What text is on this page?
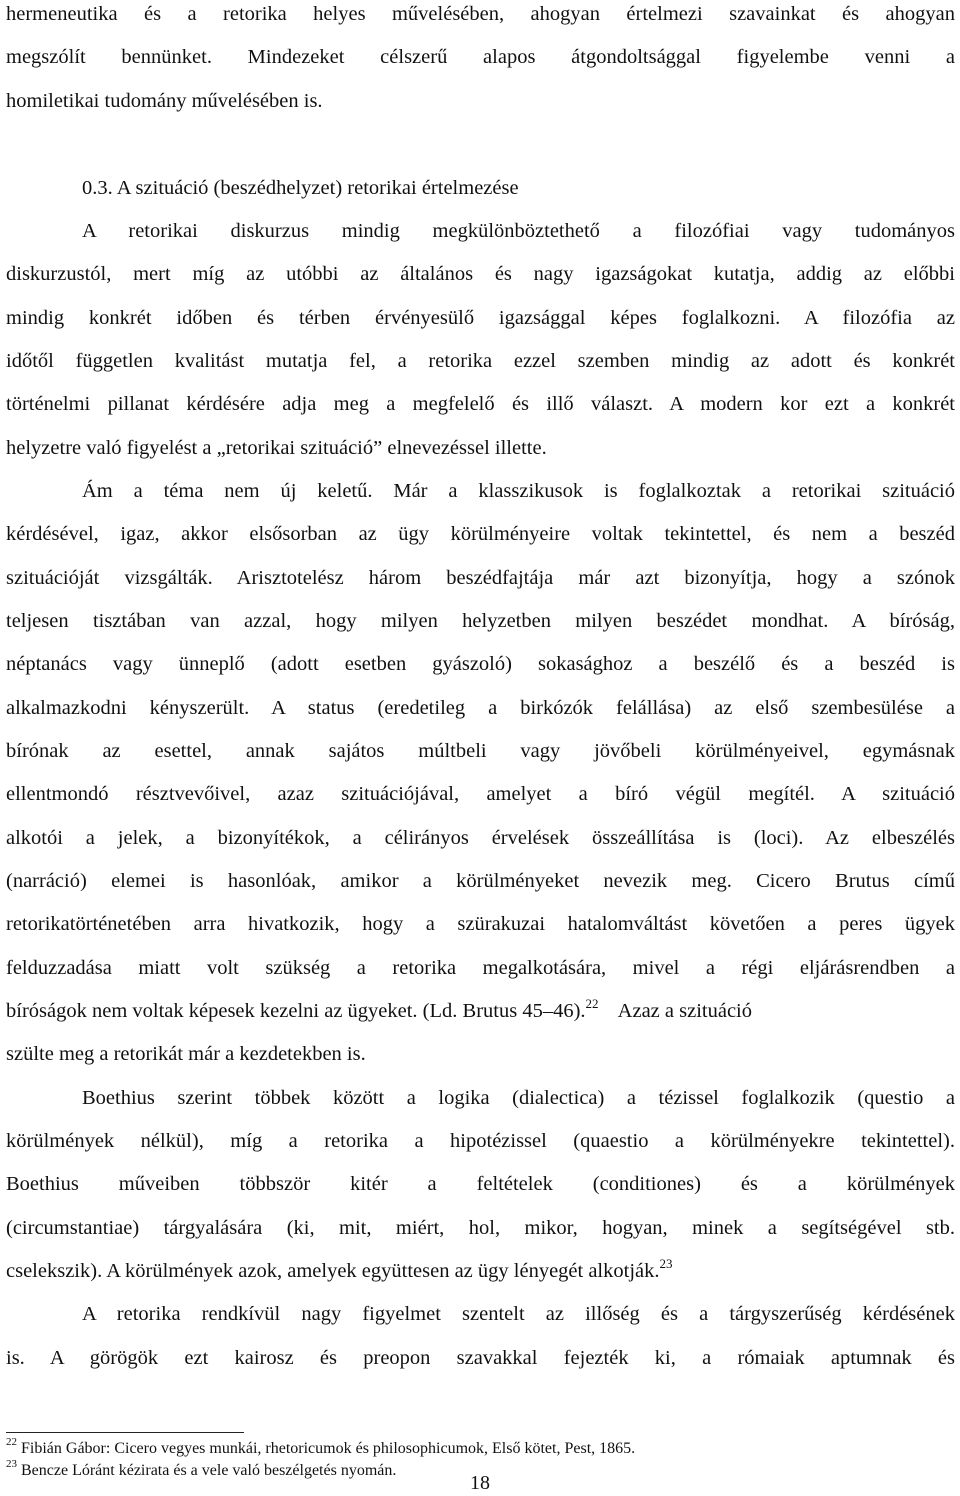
hermeneutika és a retorika helyes művelésében, ahogyan értelmezi szavainkat és ahogyan
megszólít bennünket. Mindezeket célszerű alapos átgondoltsággal figyelembe venni a
homiletikai tudomány művelésében is.
0.3. A szituáció (beszédhelyzet) retorikai értelmezése
A retorikai diskurzus mindig megkülönböztethető a filozófiai vagy tudományos
diskurzustól, mert míg az utóbbi az általános és nagy igazságokat kutatja, addig az előbbi
mindig konkrét időben és térben érvényesülő igazsággal képes foglalkozni. A filozófia az
időtől független kvalitást mutatja fel, a retorika ezzel szemben mindig az adott és konkrét
történelmi pillanat kérdésére adja meg a megfelelő és illő választ. A modern kor ezt a konkrét
helyzetre való figyelést a „retorikai szituáció” elnevezéssel illette.
Ám a téma nem új keletű. Már a klasszikusok is foglalkoztak a retorikai szituáció
kérdésével, igaz, akkor elsősorban az ügy körülményeire voltak tekintettel, és nem a beszéd
szituációját vizsgálták. Arisztotelész három beszédfajtája már azt bizonyítja, hogy a szónok
teljesen tisztában van azzal, hogy milyen helyzetben milyen beszédet mondhat. A bíróság,
néptanács vagy ünneplő (adott esetben gyászoló) sokasághoz a beszélő és a beszéd is
alkalmazkodni kényszerült. A status (eredetileg a birkózók felállása) az első szembesülése a
bírónak az esettel, annak sajátos múltbeli vagy jövőbeli körülményeivel, egymásnak
ellentmondó résztvevőivel, azaz szituációjával, amelyet a bíró végül megítél. A szituáció
alkotói a jelek, a bizonyítékok, a célirányos érvelések összeállítása is (loci). Az elbeszélés
(narráció) elemei is hasonlóak, amikor a körülményeket nevezik meg. Cicero Brutus című
retorikatörténetében arra hivatkozik, hogy a szürakuzai hatalomváltást követően a peres ügyek
felduzzadása miatt volt szükség a retorika megalkotására, mivel a régi eljárásrendben a
bíróságok nem voltak képesek kezelni az ügyeket. (Ld. Brutus 45–46).$^{22}$ Azaz a szituáció
szülte meg a retorikát már a kezdetekben is.
Boethius szerint többek között a logika (dialectica) a tézissel foglalkozik (questio a
körülmények nélkül), míg a retorika a hipotézissel (quaestio a körülményekre tekintettel).
Boethius műveiben többször kitér a feltételek (conditiones) és a körülmények
(circumstantiae) tárgyalására (ki, mit, miért, hol, mikor, hogyan, minek a segítségével stb.
cselekszik). A körülmények azok, amelyek együttesen az ügy lényegét alkotják.$^{23}$
A retorika rendkívül nagy figyelmet szentelt az illőség és a tárgyszerűség kérdésének
is. A görögök ezt kairosz és preopon szavakkal fejezték ki, a rómaiak aptumnak és
$^{22}$ Fibián Gábor: Cicero vegyes munkái, rhetoricumok és philosophicumok, Első kötet, Pest, 1865.
$^{23}$ Bencze Lóránt kézirata és a vele való beszélgetés nyomán.
18
